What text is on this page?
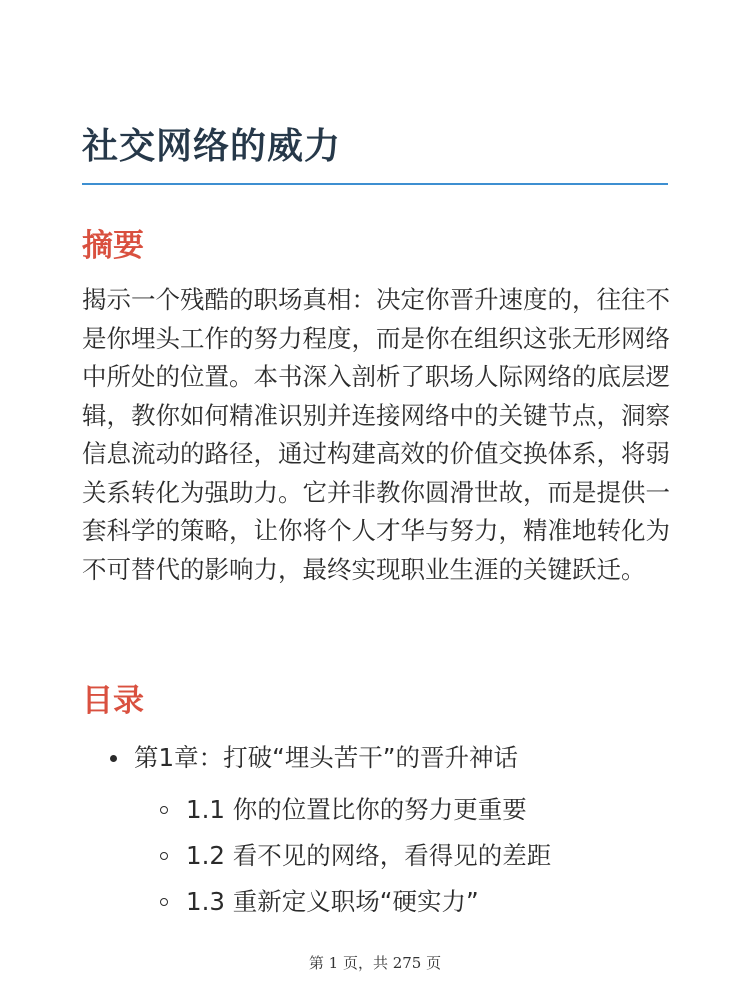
社交网络的威力
摘要

揭示一个残酷的职场真相：决定你晋升速度的，往往不是你埋头工作的努力程度，而是你在组织这张无形网络中所处的位置。本书深入剖析了职场人际网络的底层逻辑，教你如何精准识别并连接网络中的关键节点，洞察信息流动的路径，通过构建高效的价值交换体系，将弱关系转化为强助力。它并非教你圆滑世故，而是提供一套科学的策略，让你将个人才华与努力，精准地转化为不可替代的影响力，最终实现职业生涯的关键跃迁。

目录
第1章：打破“埋头苦干”的晋升神话
1.1 你的位置比你的努力更重要
1.2 看不见的网络，看得见的差距
1.3 重新定义职场“硬实力”
第 1 页，共 275 页
